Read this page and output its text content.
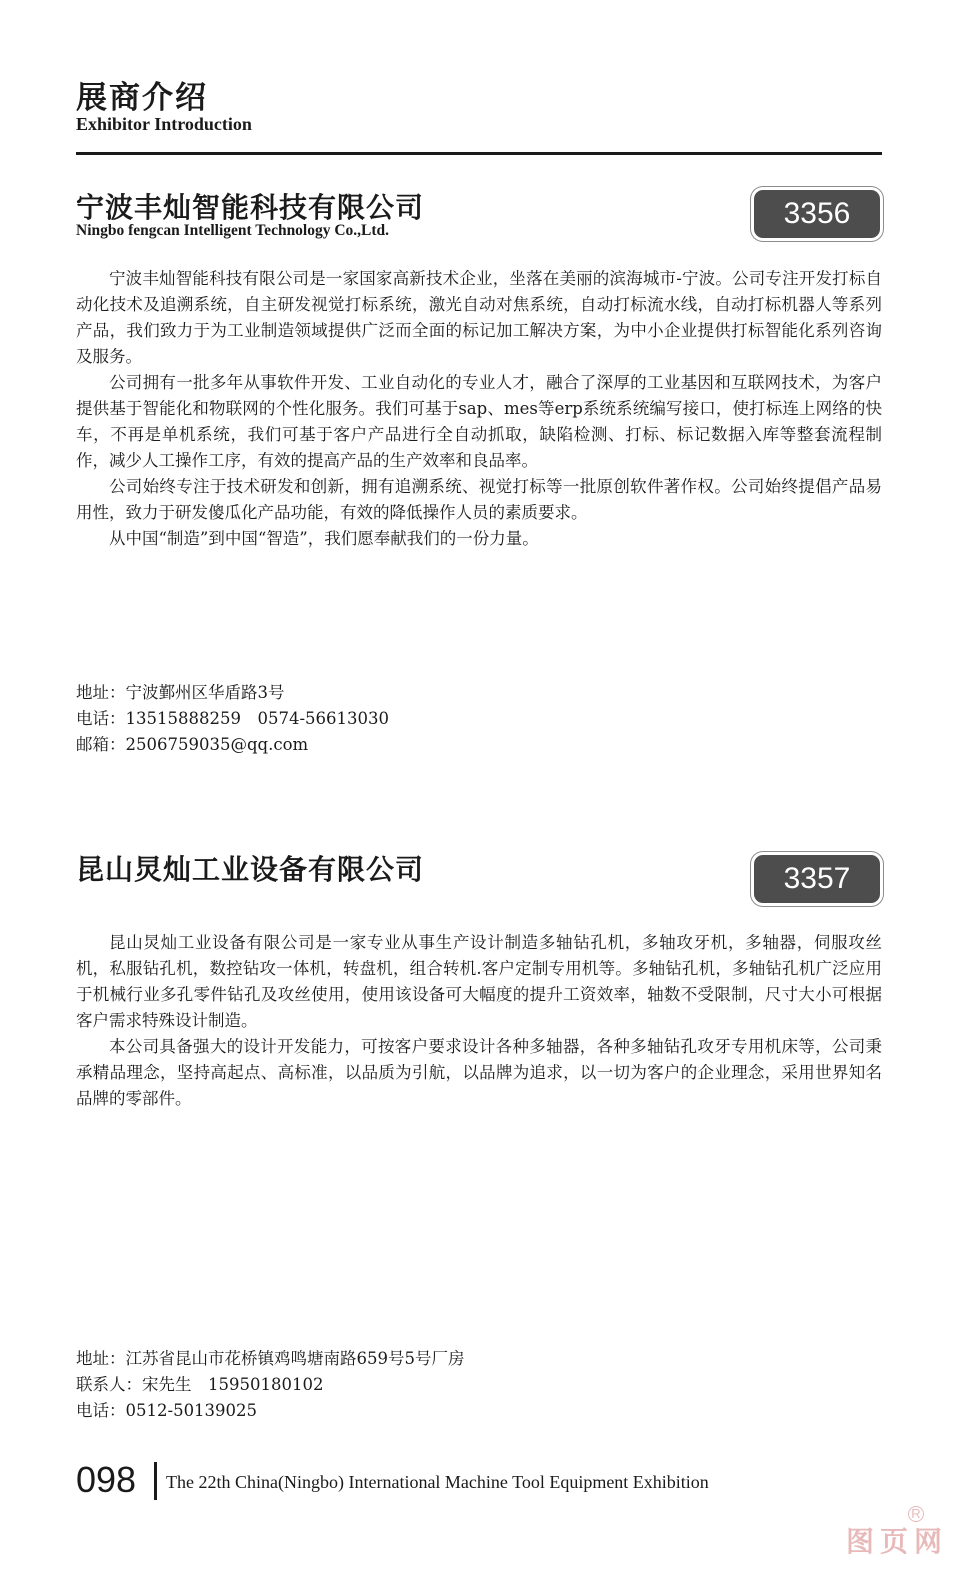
展商介绍
Exhibitor Introduction
宁波丰灿智能科技有限公司
Ningbo fengcan Intelligent Technology Co.,Ltd.
3356

宁波丰灿智能科技有限公司是一家国家高新技术企业，坐落在美丽的滨海城市-宁波。公司专注开发打标自动化技术及追溯系统，自主研发视觉打标系统，激光自动对焦系统，自动打标流水线，自动打标机器人等系列产品，我们致力于为工业制造领域提供广泛而全面的标记加工解决方案，为中小企业提供打标智能化系列咨询及服务。

公司拥有一批多年从事软件开发、工业自动化的专业人才，融合了深厚的工业基因和互联网技术，为客户提供基于智能化和物联网的个性化服务。我们可基于sap、mes等erp系统系统编写接口，使打标连上网络的快车，不再是单机系统，我们可基于客户产品进行全自动抓取，缺陷检测、打标、标记数据入库等整套流程制作，减少人工操作工序，有效的提高产品的生产效率和良品率。

公司始终专注于技术研发和创新，拥有追溯系统、视觉打标等一批原创软件著作权。公司始终提倡产品易用性，致力于研发傻瓜化产品功能，有效的降低操作人员的素质要求。

从中国“制造”到中国“智造”，我们愿奉献我们的一份力量。

地址：宁波鄞州区华盾路3号
电话：13515888259　0574-56613030
邮箱：2506759035@qq.com
昆山炅灿工业设备有限公司	3357

昆山炅灿工业设备有限公司是一家专业从事生产设计制造多轴钻孔机，多轴攻牙机，多轴器，伺服攻丝机，私服钻孔机，数控钻攻一体机，转盘机，组合转机.客户定制专用机等。多轴钻孔机，多轴钻孔机广泛应用于机械行业多孔零件钻孔及攻丝使用，使用该设备可大幅度的提升工资效率，轴数不受限制，尺寸大小可根据客户需求特殊设计制造。

本公司具备强大的设计开发能力，可按客户要求设计各种多轴器，各种多轴钻孔攻牙专用机床等，公司秉承精品理念，坚持高起点、高标准，以品质为引航，以品牌为追求，以一切为客户的企业理念，采用世界知名品牌的零部件。

地址：江苏省昆山市花桥镇鸡鸣塘南路659号5号厂房
联系人：宋先生　15950180102
电话：0512-50139025
098 The 22th China(Ningbo) International Machine Tool Equipment Exhibition
图页网
R
